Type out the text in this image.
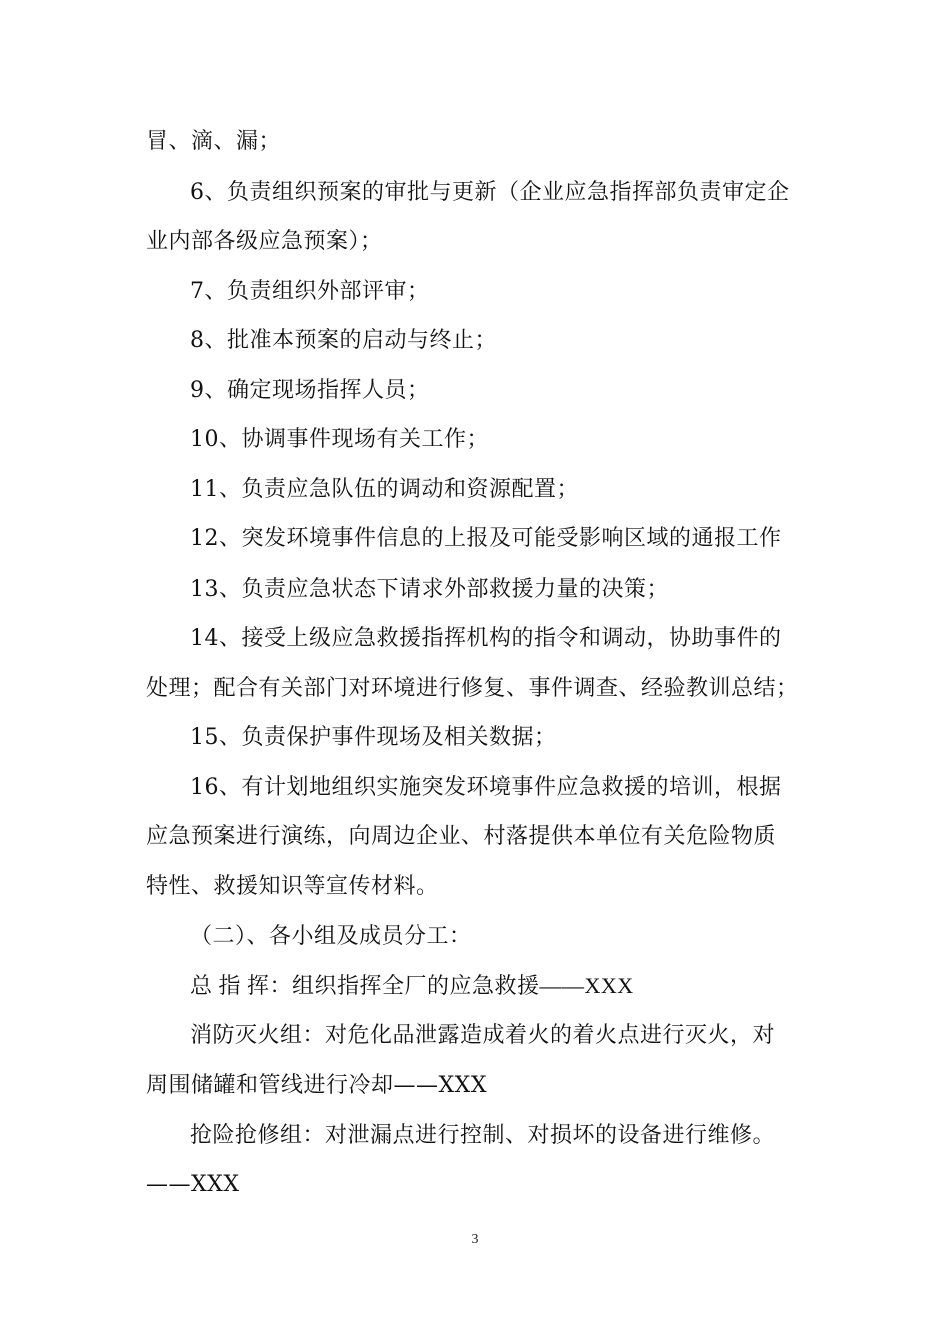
冒、滴、漏；
6、负责组织预案的审批与更新（企业应急指挥部负责审定企
业内部各级应急预案）；
7、负责组织外部评审；
8、批准本预案的启动与终止；
9、确定现场指挥人员；
10、协调事件现场有关工作；
11、负责应急队伍的调动和资源配置；
12、突发环境事件信息的上报及可能受影响区域的通报工作
13、负责应急状态下请求外部救援力量的决策；
14、接受上级应急救援指挥机构的指令和调动，协助事件的
处理；配合有关部门对环境进行修复、事件调查、经验教训总结；
15、负责保护事件现场及相关数据；
16、有计划地组织实施突发环境事件应急救援的培训，根据
应急预案进行演练，向周边企业、村落提供本单位有关危险物质
特性、救援知识等宣传材料。
（二）、各小组及成员分工：
总 指 挥：组织指挥全厂的应急救援——XXX
消防灭火组：对危化品泄露造成着火的着火点进行灭火，对
周围储罐和管线进行冷却——XXX
抢险抢修组：对泄漏点进行控制、对损坏的设备进行维修。
——XXX
3
